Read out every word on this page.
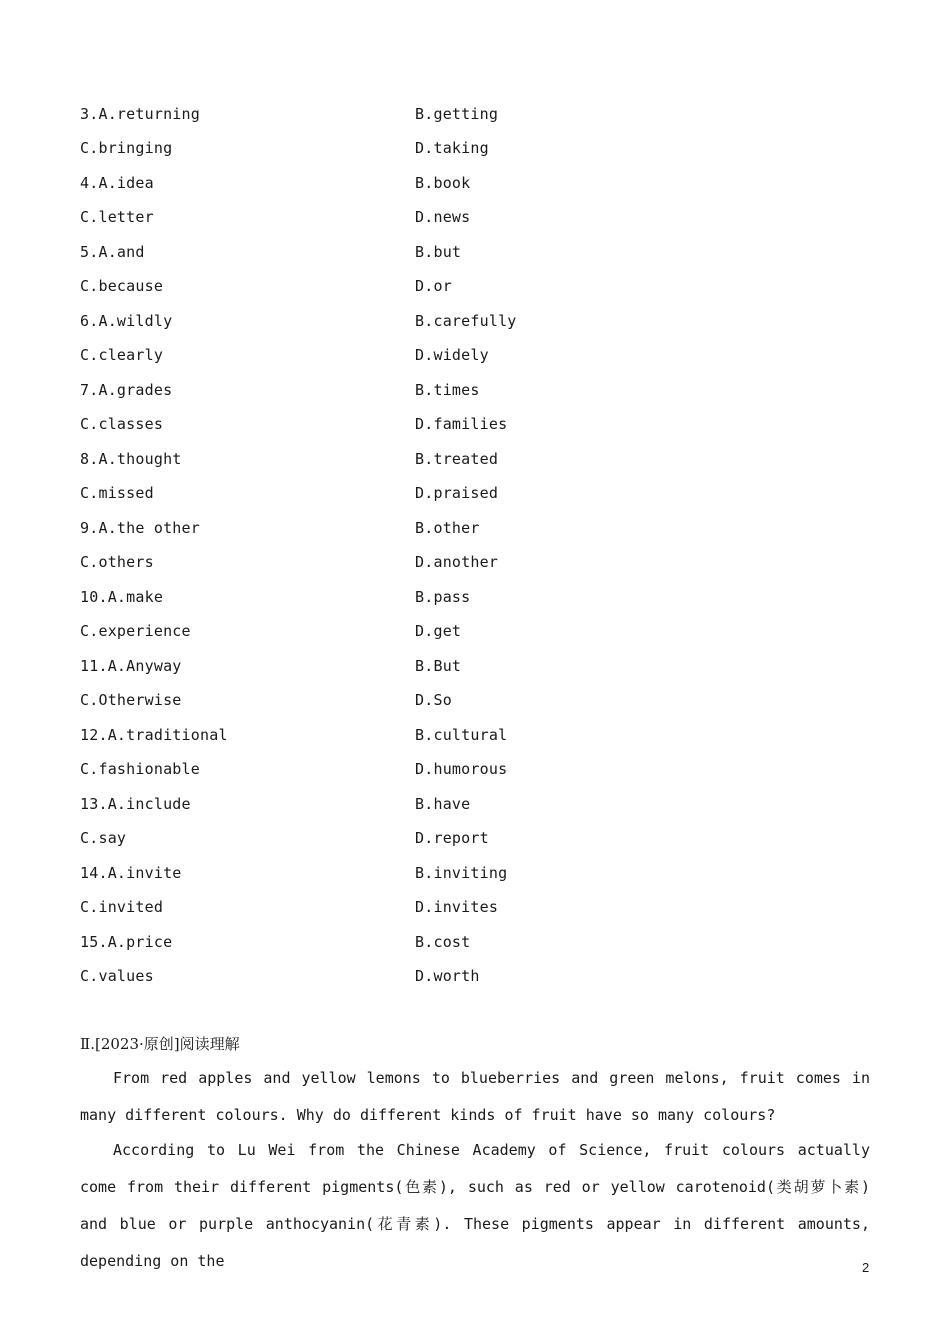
3.A.returning	B.getting
C.bringing	D.taking
4.A.idea	B.book
C.letter	D.news
5.A.and	B.but
C.because	D.or
6.A.wildly	B.carefully
C.clearly	D.widely
7.A.grades	B.times
C.classes	D.families
8.A.thought	B.treated
C.missed	D.praised
9.A.the other	B.other
C.others	D.another
10.A.make	B.pass
C.experience	D.get
11.A.Anyway	B.But
C.Otherwise	D.So
12.A.traditional	B.cultural
C.fashionable	D.humorous
13.A.include	B.have
C.say	D.report
14.A.invite	B.inviting
C.invited	D.invites
15.A.price	B.cost
C.values	D.worth
Ⅱ.[2023·原创]阅读理解

From red apples and yellow lemons to blueberries and green melons, fruit comes in many different colours. Why do different kinds of fruit have so many colours?

According to Lu Wei from the Chinese Academy of Science, fruit colours actually come from their different pigments(色素), such as red or yellow carotenoid(类胡萝卜素) and blue or purple anthocyanin(花青素). These pigments appear in different amounts, depending on the	2
